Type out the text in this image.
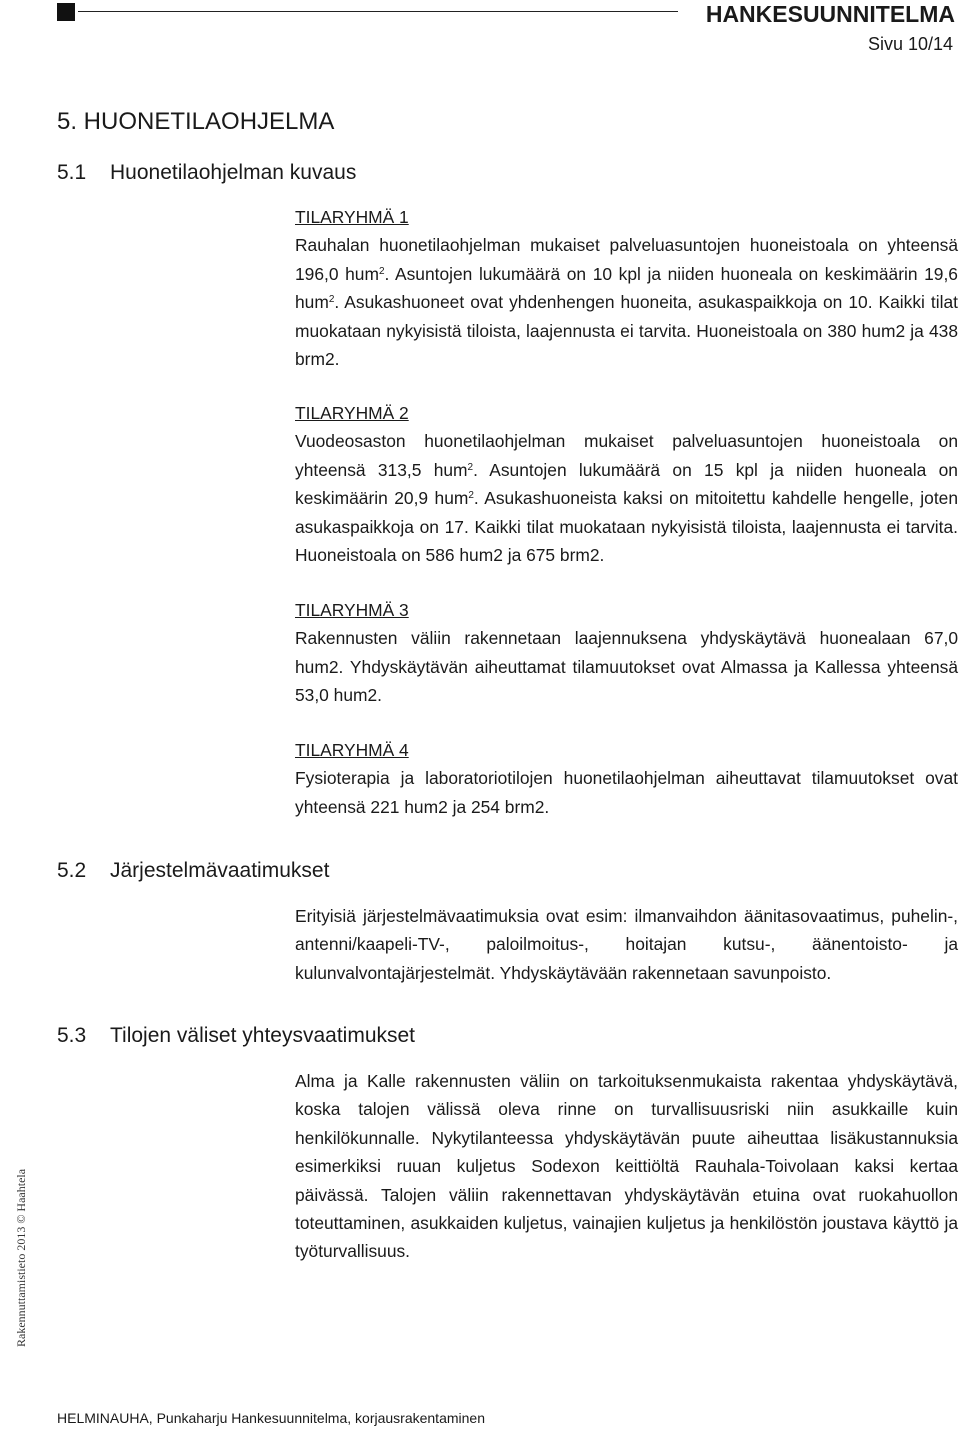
HANKESUUNNITELMA
Sivu 10/14
5. HUONETILAOHJELMA
5.1 Huonetilaohjelman kuvaus
TILARYHMÄ 1
Rauhalan huonetilaohjelman mukaiset palveluasuntojen huoneistoala on yhteensä 196,0 hum$^2$. Asuntojen lukumäärä on 10 kpl ja niiden huoneala on keskimäärin 19,6 hum$^2$. Asukashuoneet ovat yhdenhengen huoneita, asukaspaikkoja on 10. Kaikki tilat muokataan nykyisistä tiloista, laajennusta ei tarvita. Huoneistoala on 380 hum2 ja 438 brm2.
TILARYHMÄ 2
Vuodeosaston huonetilaohjelman mukaiset palveluasuntojen huoneistoala on yhteensä 313,5 hum$^2$. Asuntojen lukumäärä on 15 kpl ja niiden huoneala on keskimäärin 20,9 hum$^2$. Asukashuoneista kaksi on mitoitettu kahdelle hengelle, joten asukaspaikkoja on 17. Kaikki tilat muokataan nykyisistä tiloista, laajennusta ei tarvita. Huoneistoala on 586 hum2 ja 675 brm2.
TILARYHMÄ 3
Rakennusten väliin rakennetaan laajennuksena yhdyskäytävä huonealaan 67,0 hum2. Yhdyskäytävän aiheuttamat tilamuutokset ovat Almassa ja Kallessa yhteensä 53,0 hum2.
TILARYHMÄ 4
Fysioterapia ja laboratoriotilojen huonetilaohjelman aiheuttavat tilamuutokset ovat yhteensä 221 hum2 ja 254 brm2.
5.2 Järjestelmävaatimukset
Erityisiä järjestelmävaatimuksia ovat esim: ilmanvaihdon äänitasovaatimus, puhelin-, antenni/kaapeli-TV-, paloilmoitus-, hoitajan kutsu-, äänentoisto- ja kulunvalvontajärjestelmät. Yhdyskäytävään rakennetaan savunpoisto.
5.3 Tilojen väliset yhteysvaatimukset
Alma ja Kalle rakennusten väliin on tarkoituksenmukaista rakentaa yhdyskäytävä, koska talojen välissä oleva rinne on turvallisuusriski niin asukkaille kuin henkilökunnalle. Nykytilanteessa yhdyskäytävän puute aiheuttaa lisäkustannuksia esimerkiksi ruuan kuljetus Sodexon keittiöltä Rauhala-Toivolaan kaksi kertaa päivässä. Talojen väliin rakennettavan yhdyskäytävän etuina ovat ruokahuollon toteuttaminen, asukkaiden kuljetus, vainajien kuljetus ja henkilöstön joustava käyttö ja työturvallisuus.
Rakennuttamistieto 2013 © Haahtela
HELMINAUHA, Punkaharju Hankesuunnitelma, korjausrakentaminen
